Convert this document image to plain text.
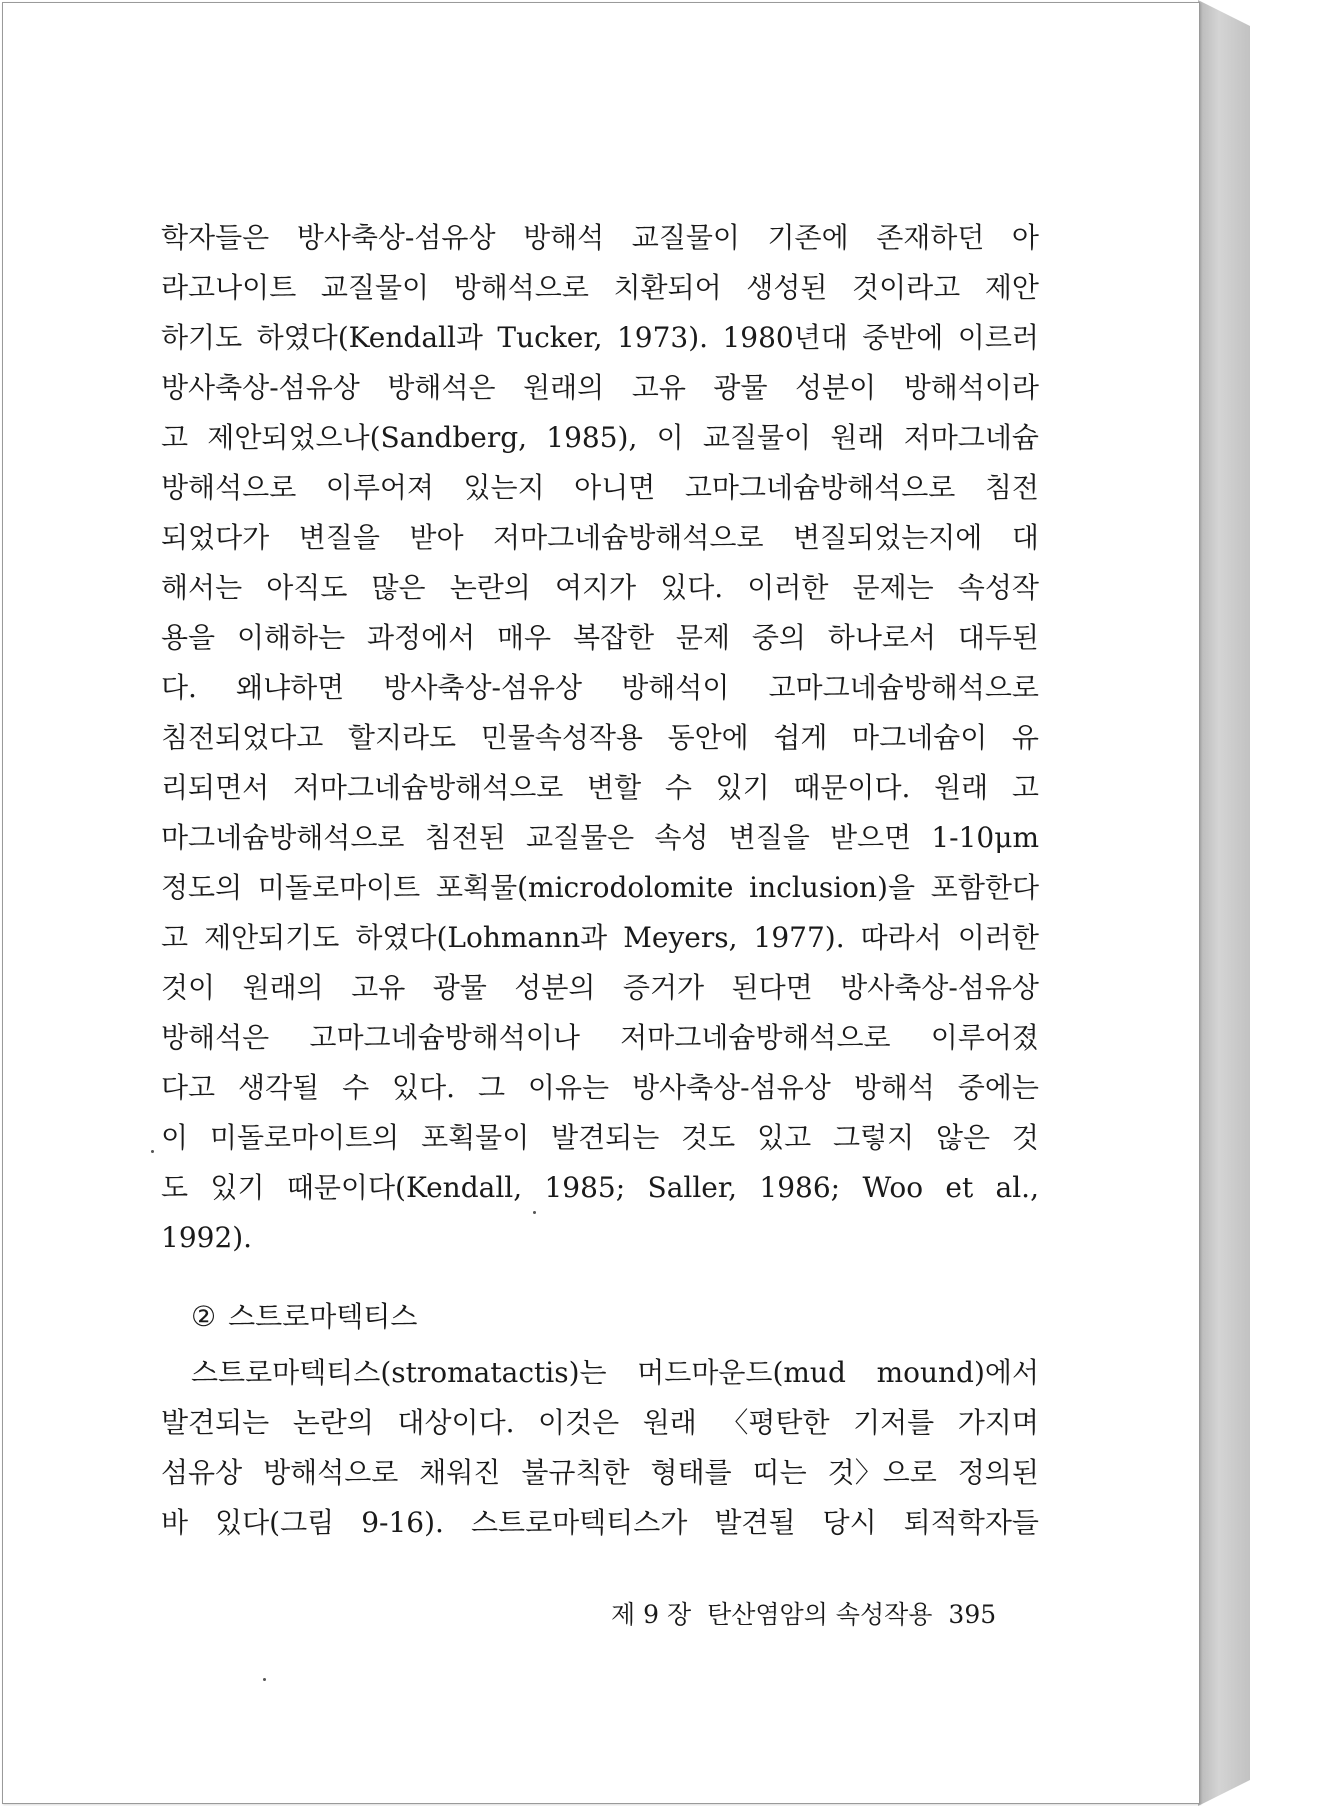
학자들은 방사축상-섬유상 방해석 교질물이 기존에 존재하던 아
라고나이트 교질물이 방해석으로 치환되어 생성된 것이라고 제안
하기도 하였다(Kendall과 Tucker, 1973). 1980년대 중반에 이르러
방사축상-섬유상 방해석은 원래의 고유 광물 성분이 방해석이라
고 제안되었으나(Sandberg, 1985), 이 교질물이 원래 저마그네슘
방해석으로 이루어져 있는지 아니면 고마그네슘방해석으로 침전
되었다가 변질을 받아 저마그네슘방해석으로 변질되었는지에 대
해서는 아직도 많은 논란의 여지가 있다. 이러한 문제는 속성작
용을 이해하는 과정에서 매우 복잡한 문제 중의 하나로서 대두된
다. 왜냐하면 방사축상-섬유상 방해석이 고마그네슘방해석으로
침전되었다고 할지라도 민물속성작용 동안에 쉽게 마그네슘이 유
리되면서 저마그네슘방해석으로 변할 수 있기 때문이다. 원래 고
마그네슘방해석으로 침전된 교질물은 속성 변질을 받으면 1-10μm
정도의 미돌로마이트 포획물(microdolomite inclusion)을 포함한다
고 제안되기도 하였다(Lohmann과 Meyers, 1977). 따라서 이러한
것이 원래의 고유 광물 성분의 증거가 된다면 방사축상-섬유상
방해석은 고마그네슘방해석이나 저마그네슘방해석으로 이루어졌
다고 생각될 수 있다. 그 이유는 방사축상-섬유상 방해석 중에는
이 미돌로마이트의 포획물이 발견되는 것도 있고 그렇지 않은 것
도 있기 때문이다(Kendall, 1985; Saller, 1986; Woo et al.,
1992).
② 스트로마텍티스
스트로마텍티스(stromatactis)는 머드마운드(mud mound)에서
발견되는 논란의 대상이다. 이것은 원래 〈평탄한 기저를 가지며
섬유상 방해석으로 채워진 불규칙한 형태를 띠는 것〉으로 정의된
바 있다(그림 9-16). 스트로마텍티스가 발견될 당시 퇴적학자들
제 9 장 탄산염암의 속성작용 395
